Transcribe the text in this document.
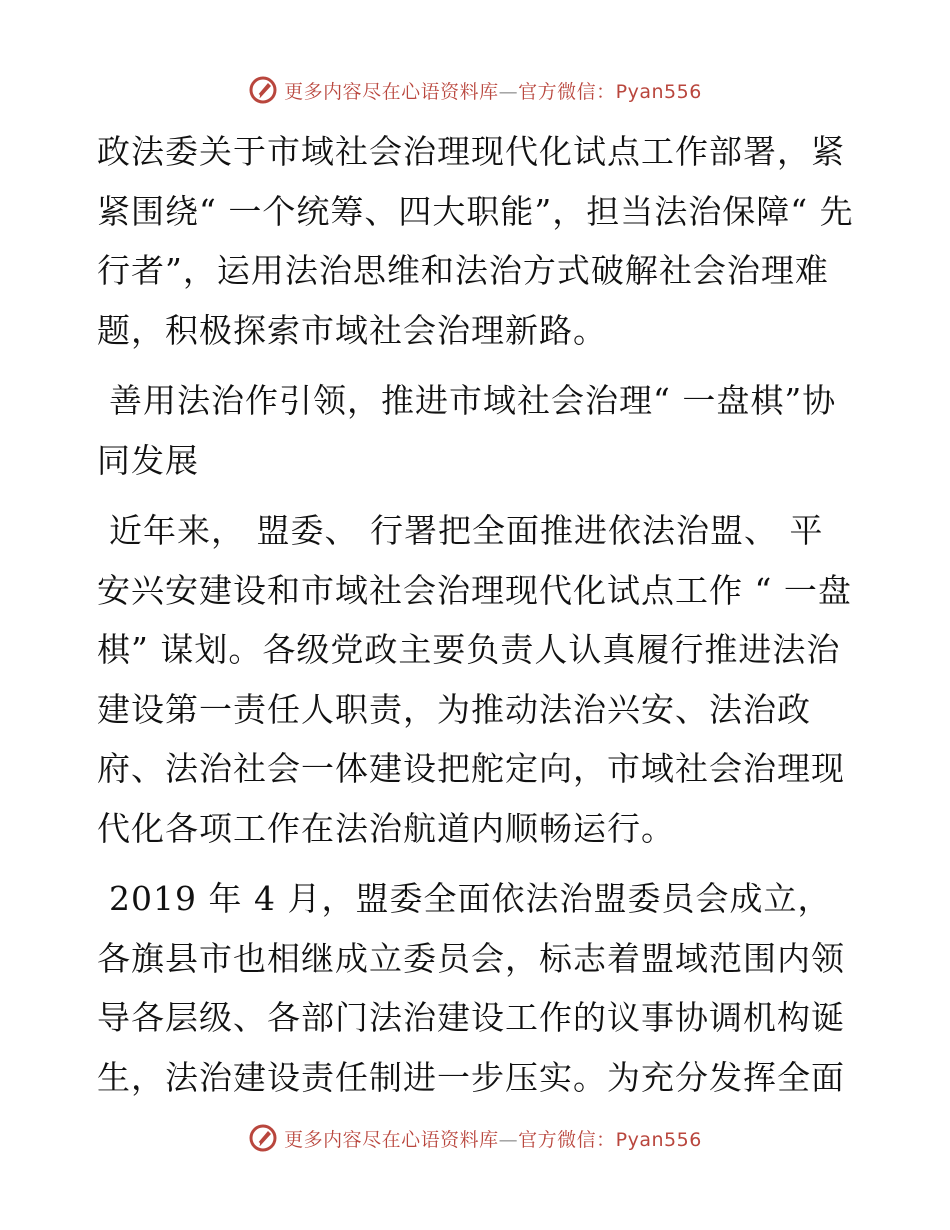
更多内容尽在心语资料库—官方微信：Pyan556

政法委关于市域社会治理现代化试点工作部署，紧紧围绕“ 一个统筹、四大职能”，担当法治保障“ 先行者”，运用法治思维和法治方式破解社会治理难题，积极探索市域社会治理新路。

善用法治作引领，推进市域社会治理“ 一盘棋”协同发展

近年来， 盟委、 行署把全面推进依法治盟、 平安兴安建设和市域社会治理现代化试点工作 “ 一盘棋” 谋划。各级党政主要负责人认真履行推进法治建设第一责任人职责，为推动法治兴安、法治政府、法治社会一体建设把舵定向，市域社会治理现代化各项工作在法治航道内顺畅运行。

2019 年 4 月，盟委全面依法治盟委员会成立，各旗县市也相继成立委员会，标志着盟域范围内领导各层级、各部门法治建设工作的议事协调机构诞生，法治建设责任制进一步压实。为充分发挥全面

更多内容尽在心语资料库—官方微信：Pyan556
